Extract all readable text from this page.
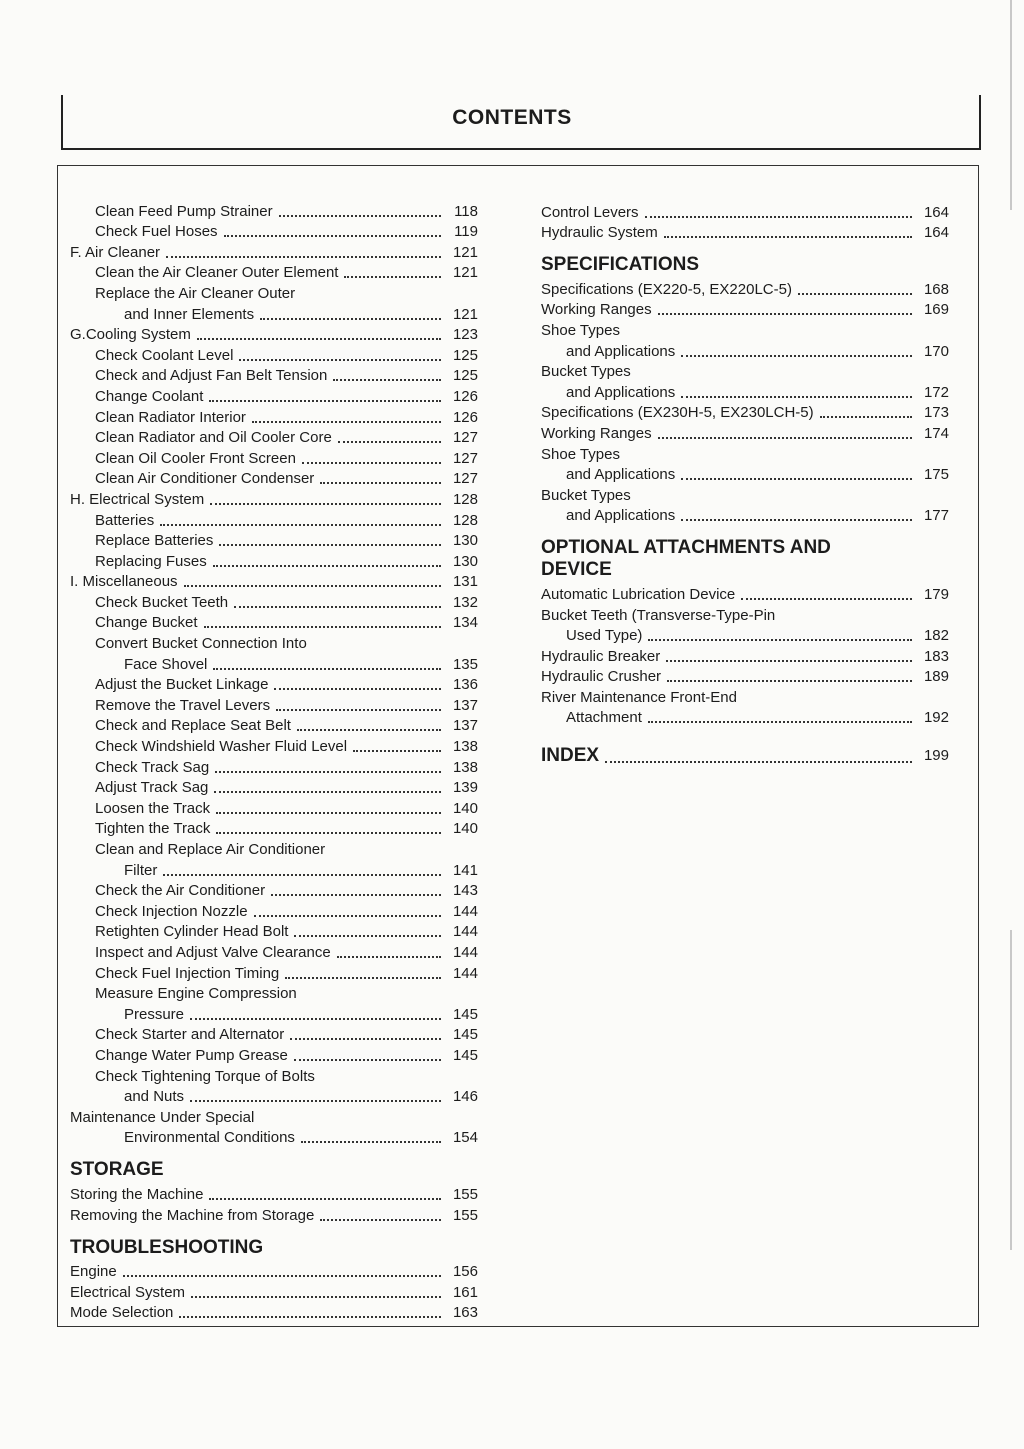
CONTENTS
Clean Feed Pump Strainer	118
Check Fuel Hoses	119
F. Air Cleaner	121
Clean the Air Cleaner Outer Element	121
Replace the Air Cleaner Outer
and Inner Elements	121
G.Cooling System	123
Check Coolant Level	125
Check and Adjust Fan Belt Tension	125
Change Coolant	126
Clean Radiator Interior	126
Clean Radiator and Oil Cooler Core	127
Clean Oil Cooler Front Screen	127
Clean Air Conditioner Condenser	127
H. Electrical System	128
Batteries	128
Replace Batteries	130
Replacing Fuses	130
I. Miscellaneous	131
Check Bucket Teeth	132
Change Bucket	134
Convert Bucket Connection Into
Face Shovel	135
Adjust the Bucket Linkage	136
Remove the Travel Levers	137
Check and Replace Seat Belt	137
Check Windshield Washer Fluid Level	138
Check Track Sag	138
Adjust Track Sag	139
Loosen the Track	140
Tighten the Track	140
Clean and Replace Air Conditioner
Filter	141
Check the Air Conditioner	143
Check Injection Nozzle	144
Retighten Cylinder Head Bolt	144
Inspect and Adjust Valve Clearance	144
Check Fuel Injection Timing	144
Measure Engine Compression
Pressure	145
Check Starter and Alternator	145
Change Water Pump Grease	145
Check Tightening Torque of Bolts
and Nuts	146
Maintenance Under Special
Environmental Conditions	154
STORAGE
Storing the Machine	155
Removing the Machine from Storage	155
TROUBLESHOOTING
Engine	156
Electrical System	161
Mode Selection	163
Control Levers	164
Hydraulic System	164
SPECIFICATIONS
Specifications (EX220-5, EX220LC-5)	168
Working Ranges	169
Shoe Types
and Applications	170
Bucket Types
and Applications	172
Specifications (EX230H-5, EX230LCH-5)	173
Working Ranges	174
Shoe Types
and Applications	175
Bucket Types
and Applications	177
OPTIONAL ATTACHMENTS AND
DEVICE
Automatic Lubrication Device	179
Bucket Teeth (Transverse-Type-Pin
Used Type)	182
Hydraulic Breaker	183
Hydraulic Crusher	189
River Maintenance Front-End
Attachment	192
INDEX	199
